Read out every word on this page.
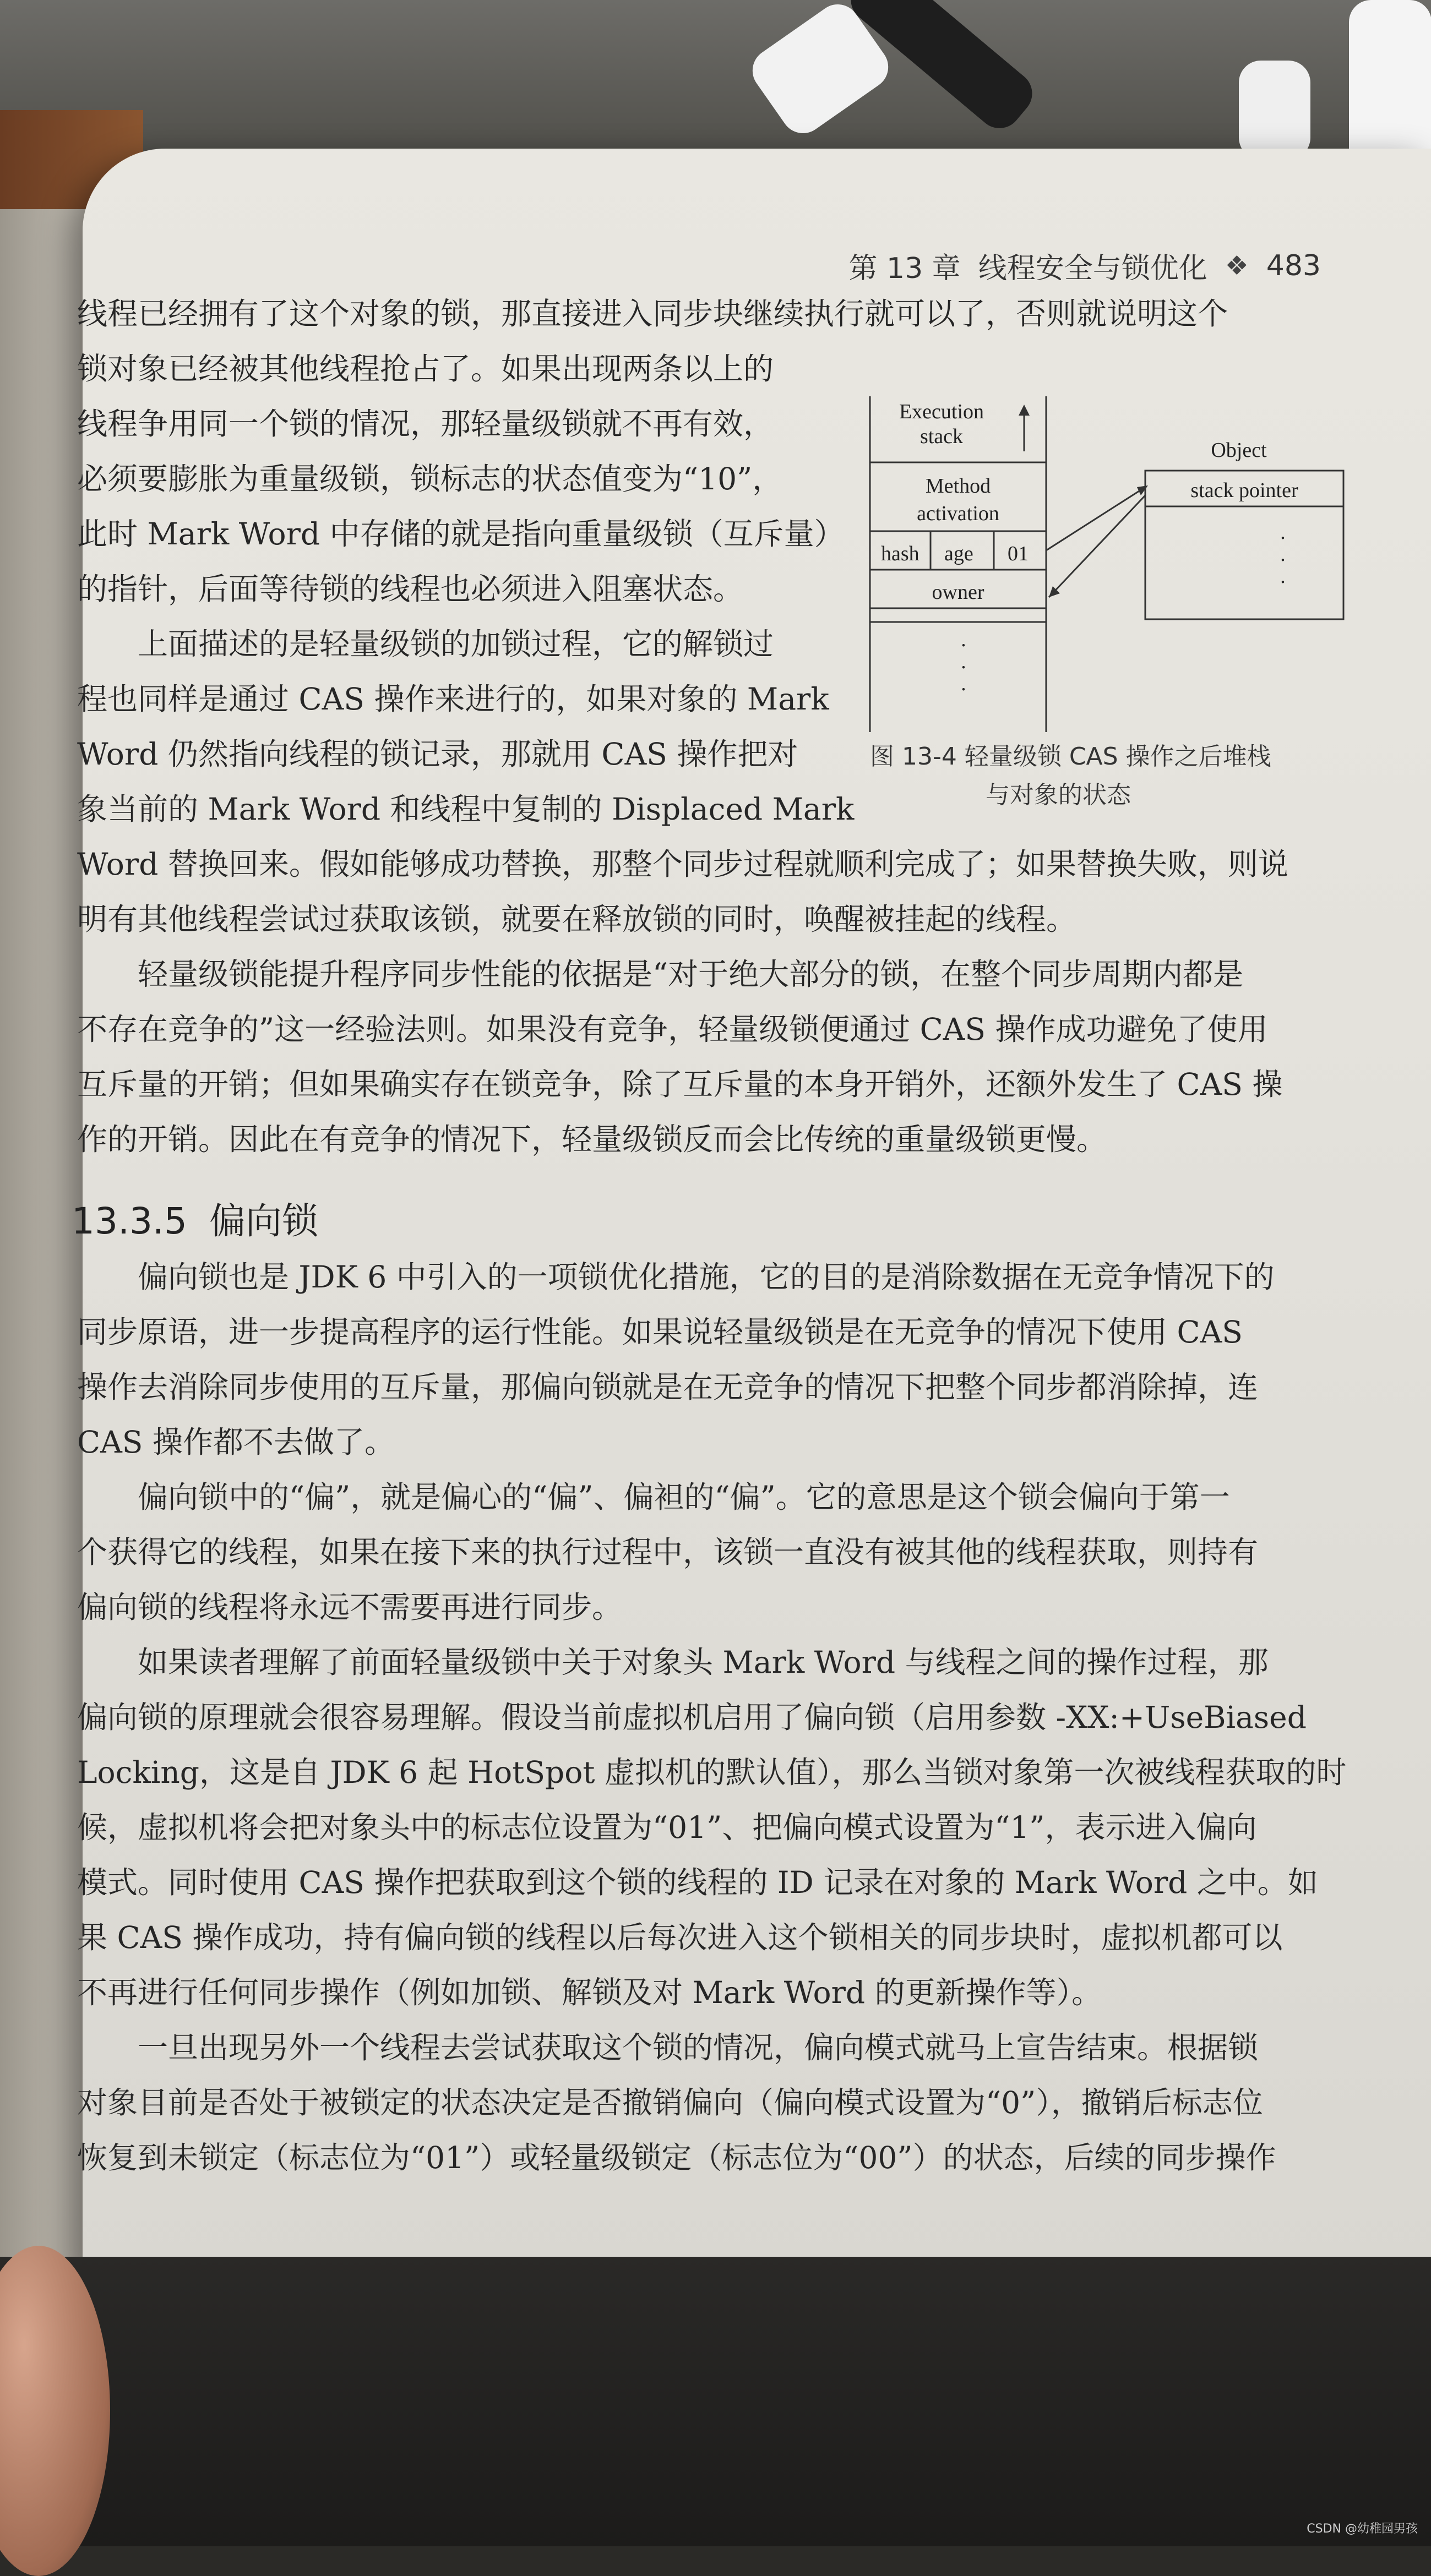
第 13 章 线程安全与锁优化 ❖ 483

线程已经拥有了这个对象的锁，那直接进入同步块继续执行就可以了，否则就说明这个

锁对象已经被其他线程抢占了。如果出现两条以上的

线程争用同一个锁的情况，那轻量级锁就不再有效，

必须要膨胀为重量级锁，锁标志的状态值变为“10”，

此时 Mark Word 中存储的就是指向重量级锁（互斥量）

的指针，后面等待锁的线程也必须进入阻塞状态。

上面描述的是轻量级锁的加锁过程，它的解锁过

程也同样是通过 CAS 操作来进行的，如果对象的 Mark

Word 仍然指向线程的锁记录，那就用 CAS 操作把对

象当前的 Mark Word 和线程中复制的 Displaced Mark

Word 替换回来。假如能够成功替换，那整个同步过程就顺利完成了；如果替换失败，则说

明有其他线程尝试过获取该锁，就要在释放锁的同时，唤醒被挂起的线程。

Execution
stack
Method
activation
hash age 01
owner
·
·
·
Object
stack pointer
·
·
·
图 13-4 轻量级锁 CAS 操作之后堆栈
与对象的状态

轻量级锁能提升程序同步性能的依据是“对于绝大部分的锁，在整个同步周期内都是

不存在竞争的”这一经验法则。如果没有竞争，轻量级锁便通过 CAS 操作成功避免了使用

互斥量的开销；但如果确实存在锁竞争，除了互斥量的本身开销外，还额外发生了 CAS 操

作的开销。因此在有竞争的情况下，轻量级锁反而会比传统的重量级锁更慢。

13.3.5 偏向锁

偏向锁也是 JDK 6 中引入的一项锁优化措施，它的目的是消除数据在无竞争情况下的

同步原语，进一步提高程序的运行性能。如果说轻量级锁是在无竞争的情况下使用 CAS

操作去消除同步使用的互斥量，那偏向锁就是在无竞争的情况下把整个同步都消除掉，连

CAS 操作都不去做了。

偏向锁中的“偏”，就是偏心的“偏”、偏袒的“偏”。它的意思是这个锁会偏向于第一

个获得它的线程，如果在接下来的执行过程中，该锁一直没有被其他的线程获取，则持有

偏向锁的线程将永远不需要再进行同步。

如果读者理解了前面轻量级锁中关于对象头 Mark Word 与线程之间的操作过程，那

偏向锁的原理就会很容易理解。假设当前虚拟机启用了偏向锁（启用参数 -XX:+UseBiased

Locking，这是自 JDK 6 起 HotSpot 虚拟机的默认值），那么当锁对象第一次被线程获取的时

候，虚拟机将会把对象头中的标志位设置为“01”、把偏向模式设置为“1”，表示进入偏向

模式。同时使用 CAS 操作把获取到这个锁的线程的 ID 记录在对象的 Mark Word 之中。如

果 CAS 操作成功，持有偏向锁的线程以后每次进入这个锁相关的同步块时，虚拟机都可以

不再进行任何同步操作（例如加锁、解锁及对 Mark Word 的更新操作等）。

一旦出现另外一个线程去尝试获取这个锁的情况，偏向模式就马上宣告结束。根据锁

对象目前是否处于被锁定的状态决定是否撤销偏向（偏向模式设置为“0”），撤销后标志位

恢复到未锁定（标志位为“01”）或轻量级锁定（标志位为“00”）的状态，后续的同步操作

CSDN @幼稚园男孩
